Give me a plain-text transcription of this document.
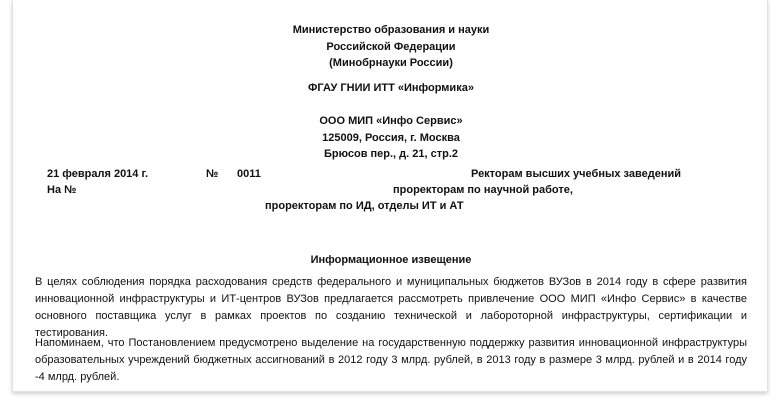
Министерство образования и науки
Российской Федерации
(Минобрнауки России)
ФГАУ ГНИИ ИТТ «Информика»
ООО МИП «Инфо Сервис»
125009, Россия, г. Москва
Брюсов пер., д. 21, стр.2
21 февраля 2014 г.	№ 0011
На №
Ректорам высших учебных заведений
проректорам по научной работе,
проректорам по ИД, отделы ИТ и АТ
Информационное извещение
В целях соблюдения порядка расходования средств федерального и муниципальных бюджетов ВУЗов в 2014 году в сфере развития инновационной инфраструктуры и ИТ-центров ВУЗов предлагается рассмотреть привлечение ООО МИП «Инфо Сервис» в качестве основного поставщика услуг в рамках проектов по созданию технической и лабороторной инфраструктуры, сертификации и тестирования.
Напоминаем, что Постановлением предусмотрено выделение на государственную поддержку развития инновационной инфраструктуры образовательных учреждений бюджетных ассигнований в 2012 году 3 млрд. рублей, в 2013 году в размере 3 млрд. рублей и в 2014 году -4 млрд. рублей.
